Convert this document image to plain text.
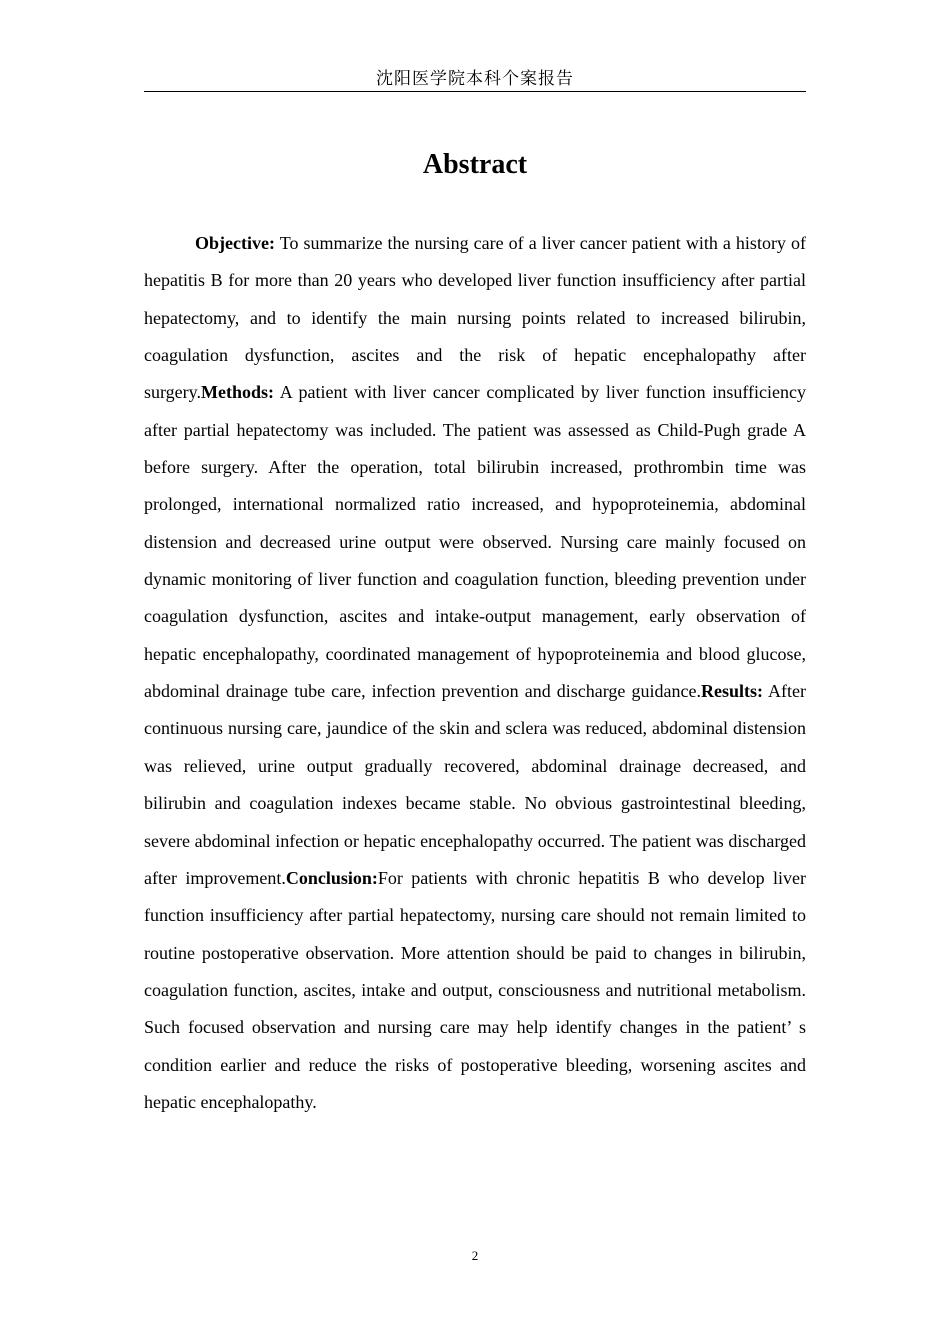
沈阳医学院本科个案报告
Abstract

Objective: To summarize the nursing care of a liver cancer patient with a history of hepatitis B for more than 20 years who developed liver function insufficiency after partial hepatectomy, and to identify the main nursing points related to increased bilirubin, coagulation dysfunction, ascites and the risk of hepatic encephalopathy after surgery.Methods: A patient with liver cancer complicated by liver function insufficiency after partial hepatectomy was included. The patient was assessed as Child-Pugh grade A before surgery. After the operation, total bilirubin increased, prothrombin time was prolonged, international normalized ratio increased, and hypoproteinemia, abdominal distension and decreased urine output were observed. Nursing care mainly focused on dynamic monitoring of liver function and coagulation function, bleeding prevention under coagulation dysfunction, ascites and intake-output management, early observation of hepatic encephalopathy, coordinated management of hypoproteinemia and blood glucose, abdominal drainage tube care, infection prevention and discharge guidance.Results: After continuous nursing care, jaundice of the skin and sclera was reduced, abdominal distension was relieved, urine output gradually recovered, abdominal drainage decreased, and bilirubin and coagulation indexes became stable. No obvious gastrointestinal bleeding, severe abdominal infection or hepatic encephalopathy occurred. The patient was discharged after improvement.Conclusion:For patients with chronic hepatitis B who develop liver function insufficiency after partial hepatectomy, nursing care should not remain limited to routine postoperative observation. More attention should be paid to changes in bilirubin, coagulation function, ascites, intake and output, consciousness and nutritional metabolism. Such focused observation and nursing care may help identify changes in the patient’ s condition earlier and reduce the risks of postoperative bleeding, worsening ascites and hepatic encephalopathy.

2
